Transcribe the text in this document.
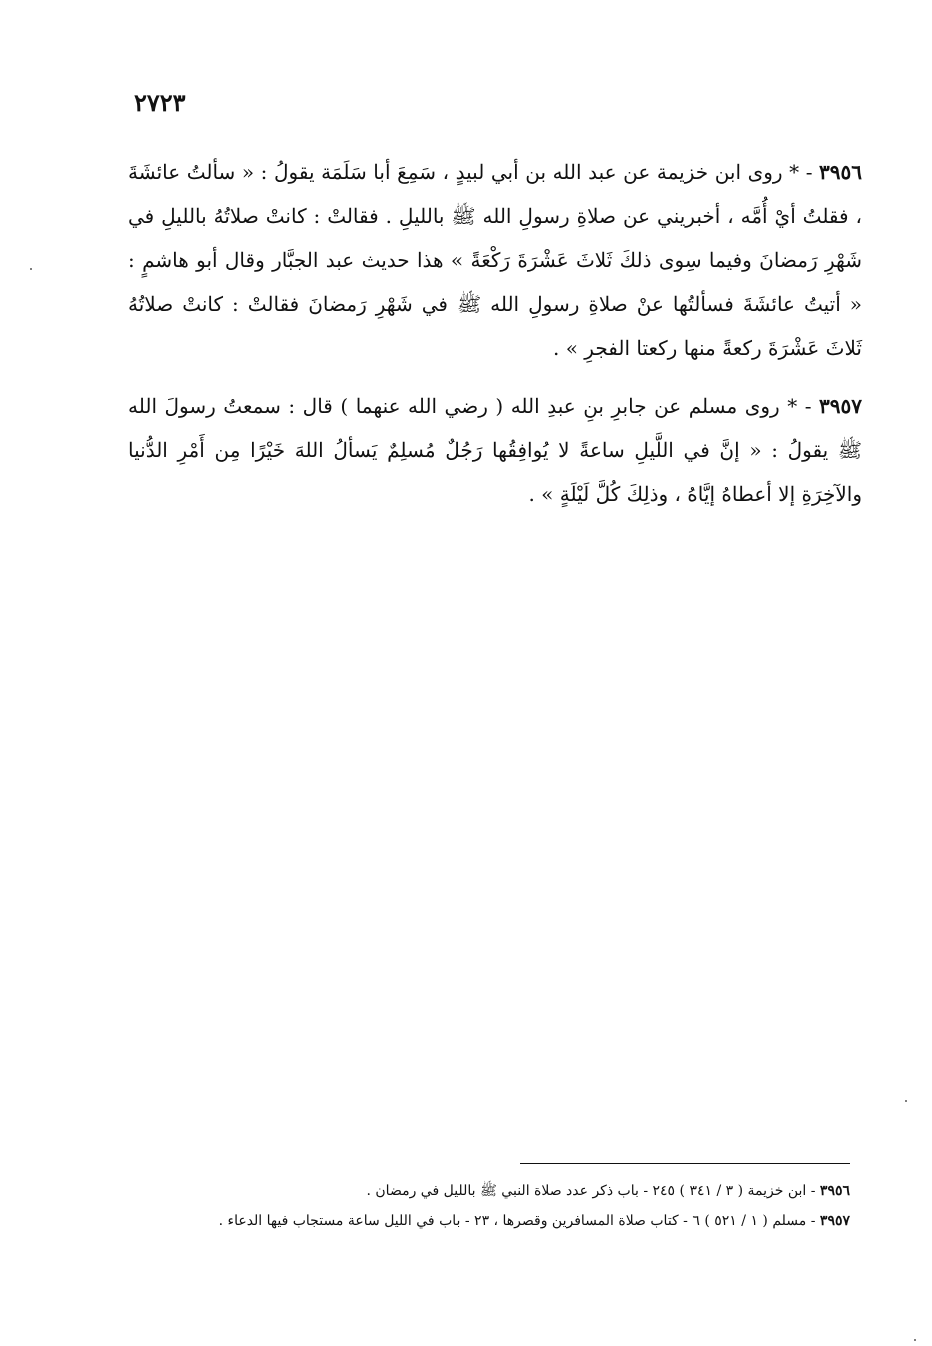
٢٧٢٣
٣٩٥٦ - * روى ابن خزيمة عن عبد الله بن أبي لبيدٍ ، سَمِعَ أبا سَلَمَة يقولُ : « سألتُ عائشَةَ ، فقلتُ أيْ أُمَّه ، أخبريني عن صلاةِ رسولِ الله ﷺ بالليلِ . فقالتْ : كانتْ صلاتُهُ بالليلِ في شَهْرِ رَمضانَ وفيما سِوى ذلكَ ثَلاثَ عَشْرَةَ رَكْعَةً » هذا حديث عبد الجبَّار وقال أبو هاشمٍ : « أتيتُ عائشَةَ فسألتُها عنْ صلاةِ رسولِ الله ﷺ في شَهْرِ رَمضانَ فقالتْ : كانتْ صلاتُهُ ثَلاثَ عَشْرَةَ ركعةً منها ركعتا الفجرِ » .
٣٩٥٧ - * روى مسلم عن جابرِ بنِ عبدِ الله ( رضي الله عنهما ) قال : سمعتُ رسولَ الله ﷺ يقولُ : « إنَّ في اللَّيلِ ساعةً لا يُوافِقُها رَجُلٌ مُسلِمٌ يَسألُ اللهَ خَيْرًا مِن أَمْرِ الدُّنيا والآخِرَةِ إلا أعطاهُ إيَّاهُ ، وذلِكَ كُلَّ لَيْلَةٍ » .
٣٩٥٦ - ابن خزيمة ( ٣ / ٣٤١ ) ٢٤٥ - باب ذكر عدد صلاة النبي ﷺ بالليل في رمضان .
٣٩٥٧ - مسلم ( ١ / ٥٢١ ) ٦ - كتاب صلاة المسافرين وقصرها ، ٢٣ - باب في الليل ساعة مستجاب فيها الدعاء .
